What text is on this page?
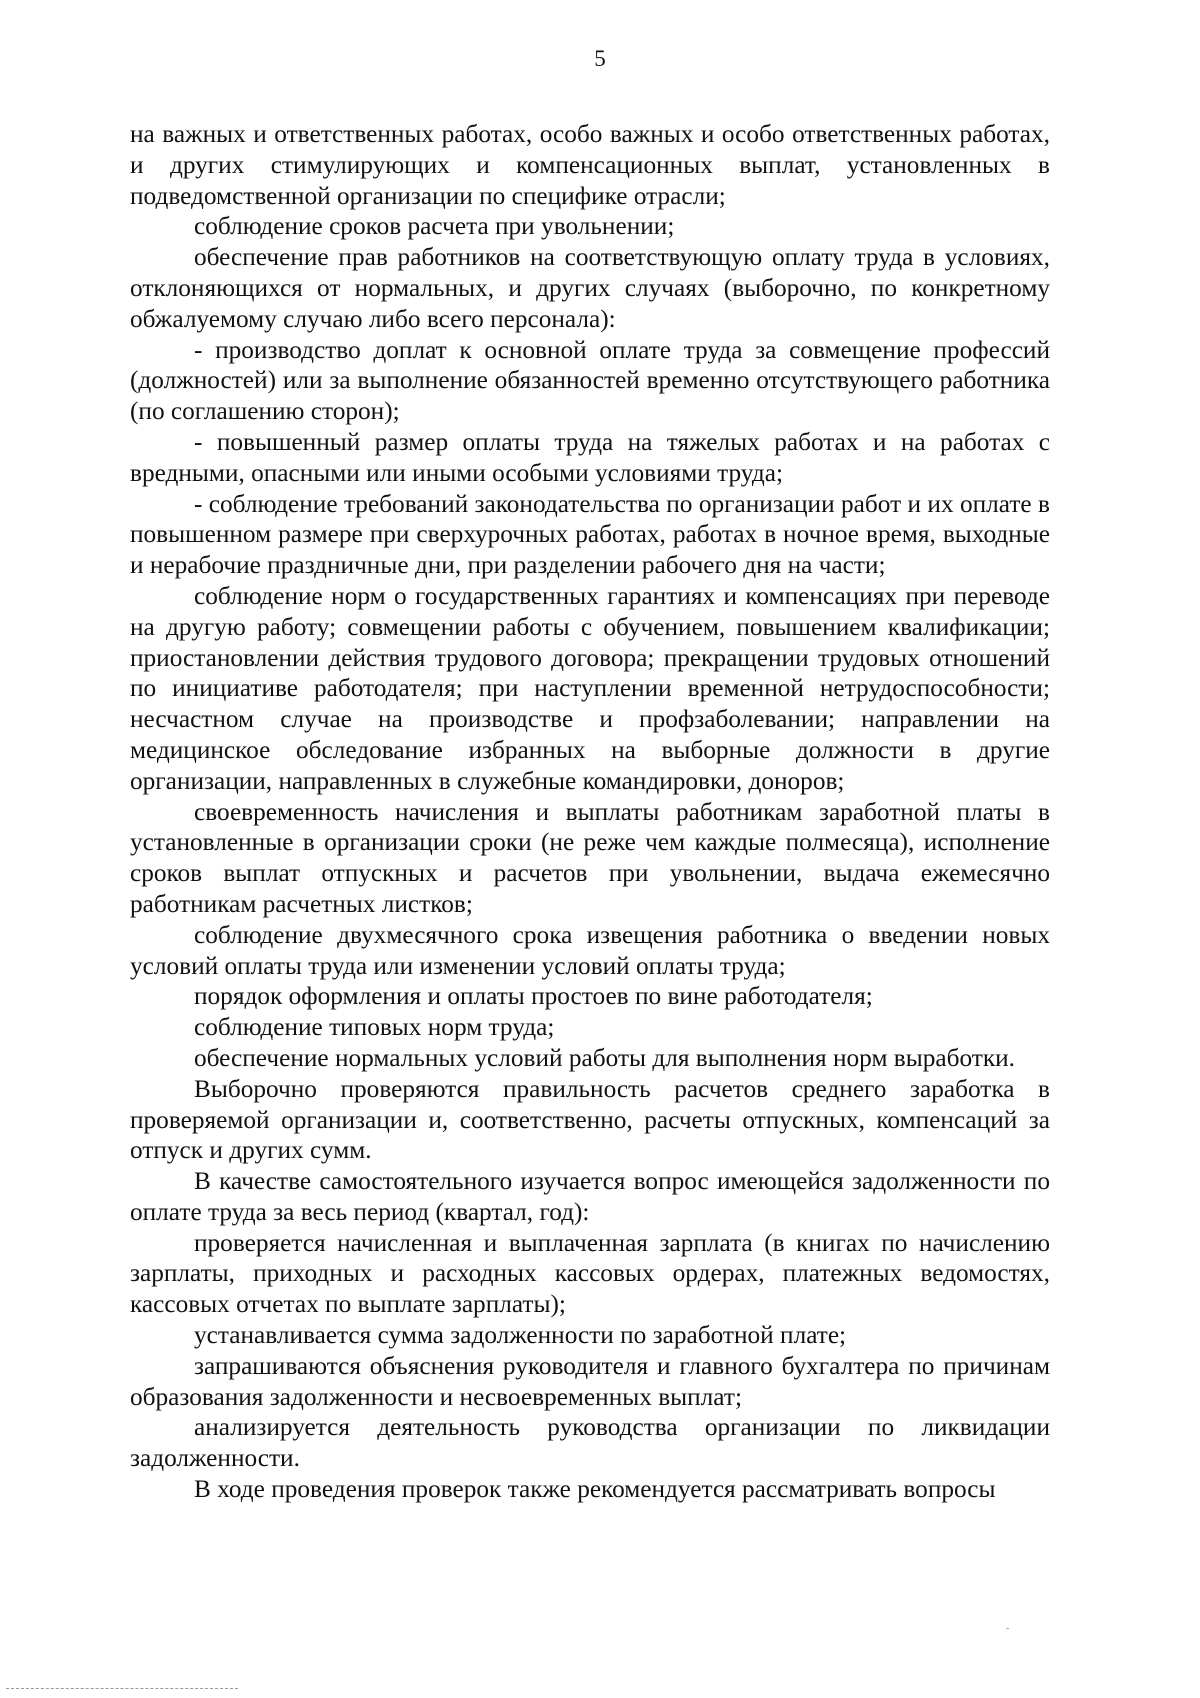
5

на важных и ответственных работах, особо важных и особо ответственных работах, и других стимулирующих и компенсационных выплат, установленных в подведомственной организации по специфике отрасли;

соблюдение сроков расчета при увольнении;

обеспечение прав работников на соответствующую оплату труда в условиях, отклоняющихся от нормальных, и других случаях (выборочно, по конкретному обжалуемому случаю либо всего персонала):

- производство доплат к основной оплате труда за совмещение профессий (должностей) или за выполнение обязанностей временно отсутствующего работника (по соглашению сторон);

- повышенный размер оплаты труда на тяжелых работах и на работах с вредными, опасными или иными особыми условиями труда;

- соблюдение требований законодательства по организации работ и их оплате в повышенном размере при сверхурочных работах, работах в ночное время, выходные и нерабочие праздничные дни, при разделении рабочего дня на части;

соблюдение норм о государственных гарантиях и компенсациях при переводе на другую работу; совмещении работы с обучением, повышением квалификации; приостановлении действия трудового договора; прекращении трудовых отношений по инициативе работодателя; при наступлении временной нетрудоспособности; несчастном случае на производстве и профзаболевании; направлении на медицинское обследование избранных на выборные должности в другие организации, направленных в служебные командировки, доноров;

своевременность начисления и выплаты работникам заработной платы в установленные в организации сроки (не реже чем каждые полмесяца), исполнение сроков выплат отпускных и расчетов при увольнении, выдача ежемесячно работникам расчетных листков;

соблюдение двухмесячного срока извещения работника о введении новых условий оплаты труда или изменении условий оплаты труда;

порядок оформления и оплаты простоев по вине работодателя;

соблюдение типовых норм труда;

обеспечение нормальных условий работы для выполнения норм выработки.

Выборочно проверяются правильность расчетов среднего заработка в проверяемой организации и, соответственно, расчеты отпускных, компенсаций за отпуск и других сумм.

В качестве самостоятельного изучается вопрос имеющейся задолженности по оплате труда за весь период (квартал, год):

проверяется начисленная и выплаченная зарплата (в книгах по начислению зарплаты, приходных и расходных кассовых ордерах, платежных ведомостях, кассовых отчетах по выплате зарплаты);

устанавливается сумма задолженности по заработной плате;

запрашиваются объяснения руководителя и главного бухгалтера по причинам образования задолженности и несвоевременных выплат;

анализируется деятельность руководства организации по ликвидации задолженности.

В ходе проведения проверок также рекомендуется рассматривать вопросы
